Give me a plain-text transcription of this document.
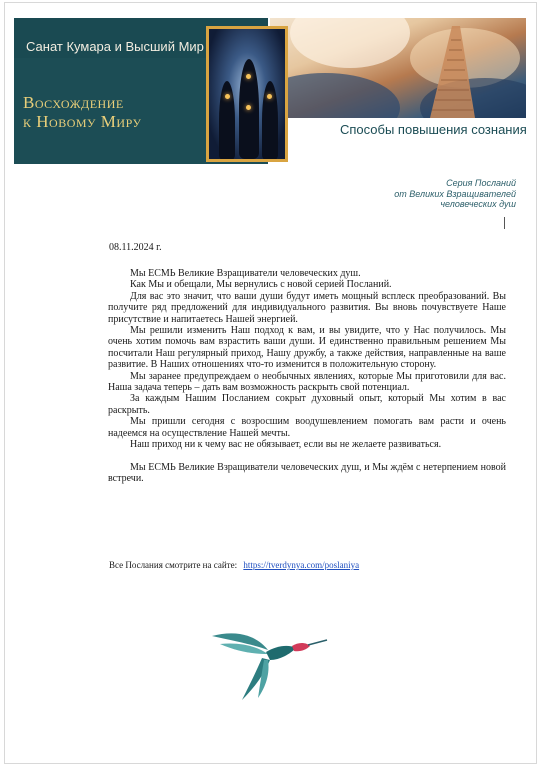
Санат Кумара и Высший Мир
Восхождение
к Новому Миру	Способы повышения сознания
Серия Посланий
от Великих Взращивателей
человеческих душ
08.11.2024 г.

Мы ЕСМЬ Великие Взращиватели человеческих душ.

Как Мы и обещали, Мы вернулись с новой серией Посланий.

Для вас это значит, что ваши души будут иметь мощный всплеск преобразований. Вы получите ряд предложений для индивидуального развития. Вы вновь почувствуете Наше присутствие и напитаетесь Нашей энергией.

Мы решили изменить Наш подход к вам, и вы увидите, что у Нас получилось. Мы очень хотим помочь вам взрастить ваши души. И единственно правильным решением Мы посчитали Наш регулярный приход, Нашу дружбу, а также действия, направленные на ваше развитие. В Наших отношениях что-то изменится в положительную сторону.

Мы заранее предупреждаем о необычных явлениях, которые Мы приготовили для вас. Наша задача теперь – дать вам возможность раскрыть свой потенциал.

За каждым Нашим Посланием сокрыт духовный опыт, который Мы хотим в вас раскрыть.

Мы пришли сегодня с возросшим воодушевлением помогать вам расти и очень надеемся на осуществление Нашей мечты.

Наш приход ни к чему вас не обязывает, если вы не желаете развиваться.

Мы ЕСМЬ Великие Взращиватели человеческих душ, и Мы ждём с нетерпением новой встречи.

Все Послания смотрите на сайте: https://tverdynya.com/poslaniya
